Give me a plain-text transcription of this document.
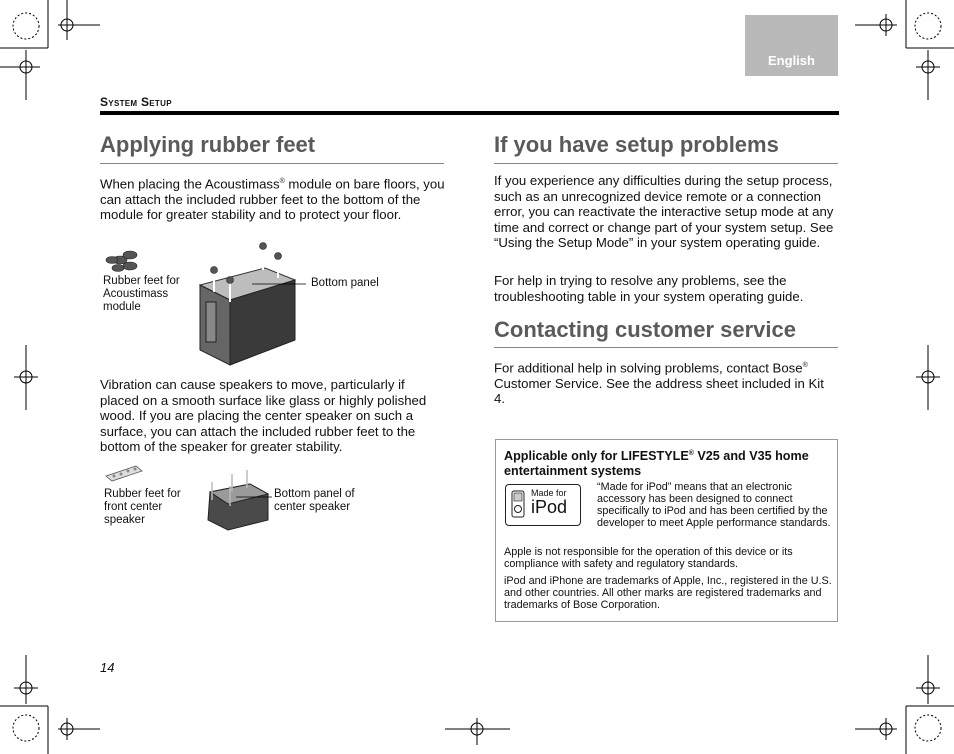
English
System Setup
Applying rubber feet

When placing the Acoustimass® module on bare floors, you can attach the included rubber feet to the bottom of the module for greater stability and to protect your floor.

Rubber feet for Acoustimass module

Bottom panel

Vibration can cause speakers to move, particularly if placed on a smooth surface like glass or highly polished wood. If you are placing the center speaker on such a surface, you can attach the included rubber feet to the bottom of the speaker for greater stability.

Rubber feet for front center speaker

Bottom panel of center speaker

If you have setup problems

If you experience any difficulties during the setup process, such as an unrecognized device remote or a connection error, you can reactivate the interactive setup mode at any time and correct or change part of your system setup. See “Using the Setup Mode” in your system operating guide.

For help in trying to resolve any problems, see the troubleshooting table in your system operating guide.

Contacting customer service

For additional help in solving problems, contact Bose® Customer Service. See the address sheet included in Kit 4.

Applicable only for LIFESTYLE® V25 and V35 home entertainment systems
Made for
iPod

“Made for iPod” means that an electronic accessory has been designed to connect specifically to iPod and has been certified by the developer to meet Apple performance standards.

Apple is not responsible for the operation of this device or its compliance with safety and regulatory standards.

iPod and iPhone are trademarks of Apple, Inc., registered in the U.S. and other countries. All other marks are registered trademarks and trademarks of Bose Corporation.

14
